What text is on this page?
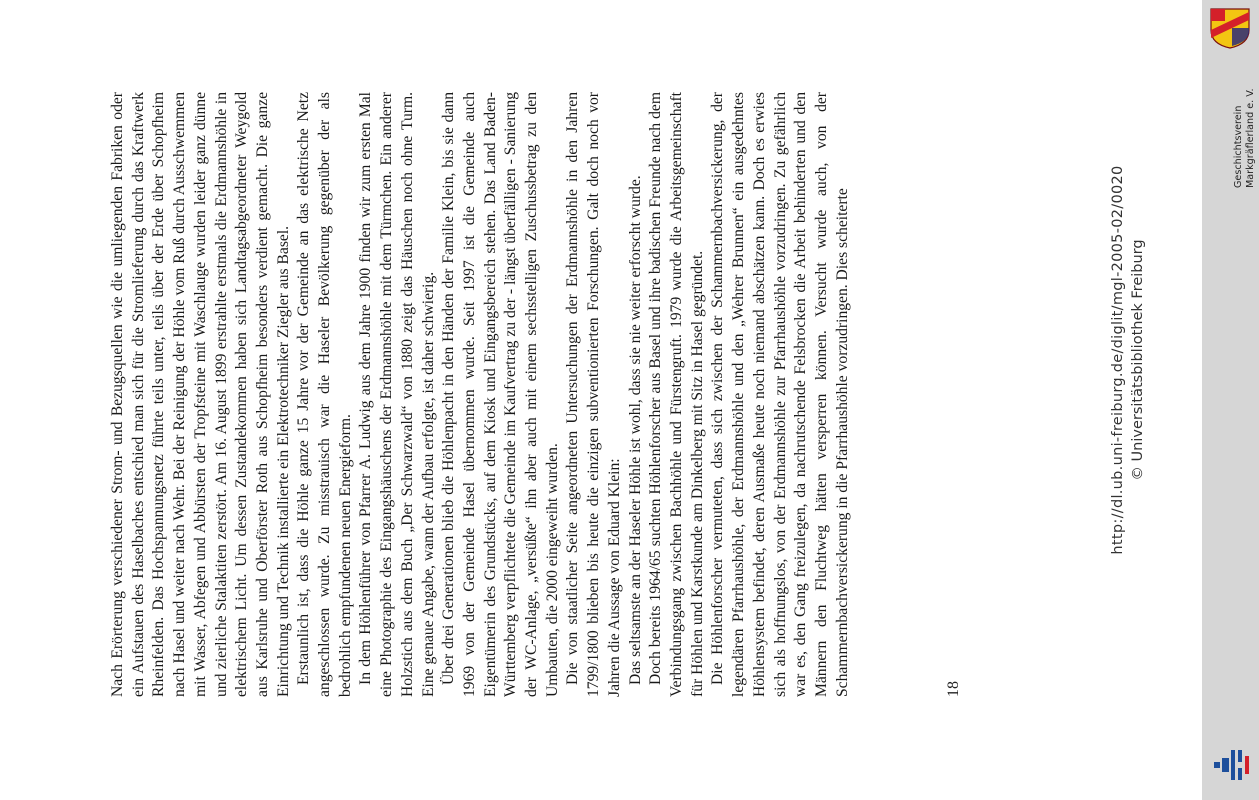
Nach Erörterung verschiedener Strom- und Bezugsquellen wie die umliegenden Fabriken oder ein Aufstauen des Haselbaches entschied man sich für die Stromlieferung durch das Kraftwerk Rheinfelden. Das Hochspannungsnetz führte teils unter, teils über der Erde über Schopfheim nach Hasel und weiter nach Wehr. Bei der Reinigung der Höhle vom Ruß durch Ausschwemmen mit Wasser, Abfegen und Abbürsten der Tropfsteine mit Waschlauge wurden leider ganz dünne und zierliche Stalaktiten zerstört. Am 16. August 1899 erstrahlte erstmals die Erdmannshöhle in elektrischem Licht. Um dessen Zustandekommen haben sich Landtagsabgeordneter Weygold aus Karlsruhe und Oberförster Roth aus Schopfheim besonders verdient gemacht. Die ganze Einrichtung und Technik installierte ein Elektrotechniker Ziegler aus Basel. Erstaunlich ist, dass die Höhle ganze 15 Jahre vor der Gemeinde an das elektrische Netz angeschlossen wurde. Zu misstrauisch war die Haseler Bevölkerung gegenüber der als bedrohlich empfundenen neuen Energieform. In dem Höhlenführer von Pfarrer A. Ludwig aus dem Jahre 1900 finden wir zum ersten Mal eine Photographie des Eingangshäuschens der Erdmannshöhle mit dem Türmchen. Ein anderer Holzstich aus dem Buch „Der Schwarzwald“ von 1880 zeigt das Häuschen noch ohne Turm. Eine genaue Angabe, wann der Aufbau erfolgte, ist daher schwierig. Über drei Generationen blieb die Höhlenpacht in den Händen der Familie Klein, bis sie dann 1969 von der Gemeinde Hasel übernommen wurde. Seit 1997 ist die Gemeinde auch Eigentümerin des Grundstücks, auf dem Kiosk und Eingangsbereich stehen. Das Land Baden-Württemberg verpflichtete die Gemeinde im Kaufvertrag zu der - längst überfälligen - Sanierung der WC-Anlage, „versüßte“ ihn aber auch mit einem sechsstelligen Zuschussbetrag zu den Umbauten, die 2000 eingeweiht wurden. Die von staatlicher Seite angeordneten Untersuchungen der Erdmannshöhle in den Jahren 1799/1800 blieben bis heute die einzigen subventionierten Forschungen. Galt doch noch vor Jahren die Aussage von Eduard Klein: Das seltsamste an der Haseler Höhle ist wohl, dass sie nie weiter erforscht wurde. Doch bereits 1964/65 suchten Höhlenforscher aus Basel und ihre badischen Freunde nach dem Verbindungsgang zwischen Bachhöhle und Fürstengruft. 1979 wurde die Arbeitsgemeinschaft für Höhlen und Karstkunde am Dinkelberg mit Sitz in Hasel gegründet. Die Höhlenforscher vermuteten, dass sich zwischen der Schammernbachversickerung, der legendären Pfarrhaushöhle, der Erdmannshöhle und den „Wehrer Brunnen“ ein ausgedehntes Höhlensystem befindet, deren Ausmaße heute noch niemand abschätzen kann. Doch es erwies sich als hoffnungslos, von der Erdmannshöhle zur Pfarrhaushöhle vorzudringen. Zu gefährlich war es, den Gang freizulegen, da nachrutschende Felsbrocken die Arbeit behinderten und den Männern den Fluchtweg hätten versperren können. Versucht wurde auch, von der Schammernbachversickerung in die Pfarrhaushöhle vorzudringen. Dies scheiterte	18
http://dl.ub.uni-freiburg.de/diglit/mgl-2005-02/0020 © Universitätsbibliothek Freiburg
Geschichtsverein Markgräflerland e. V.
